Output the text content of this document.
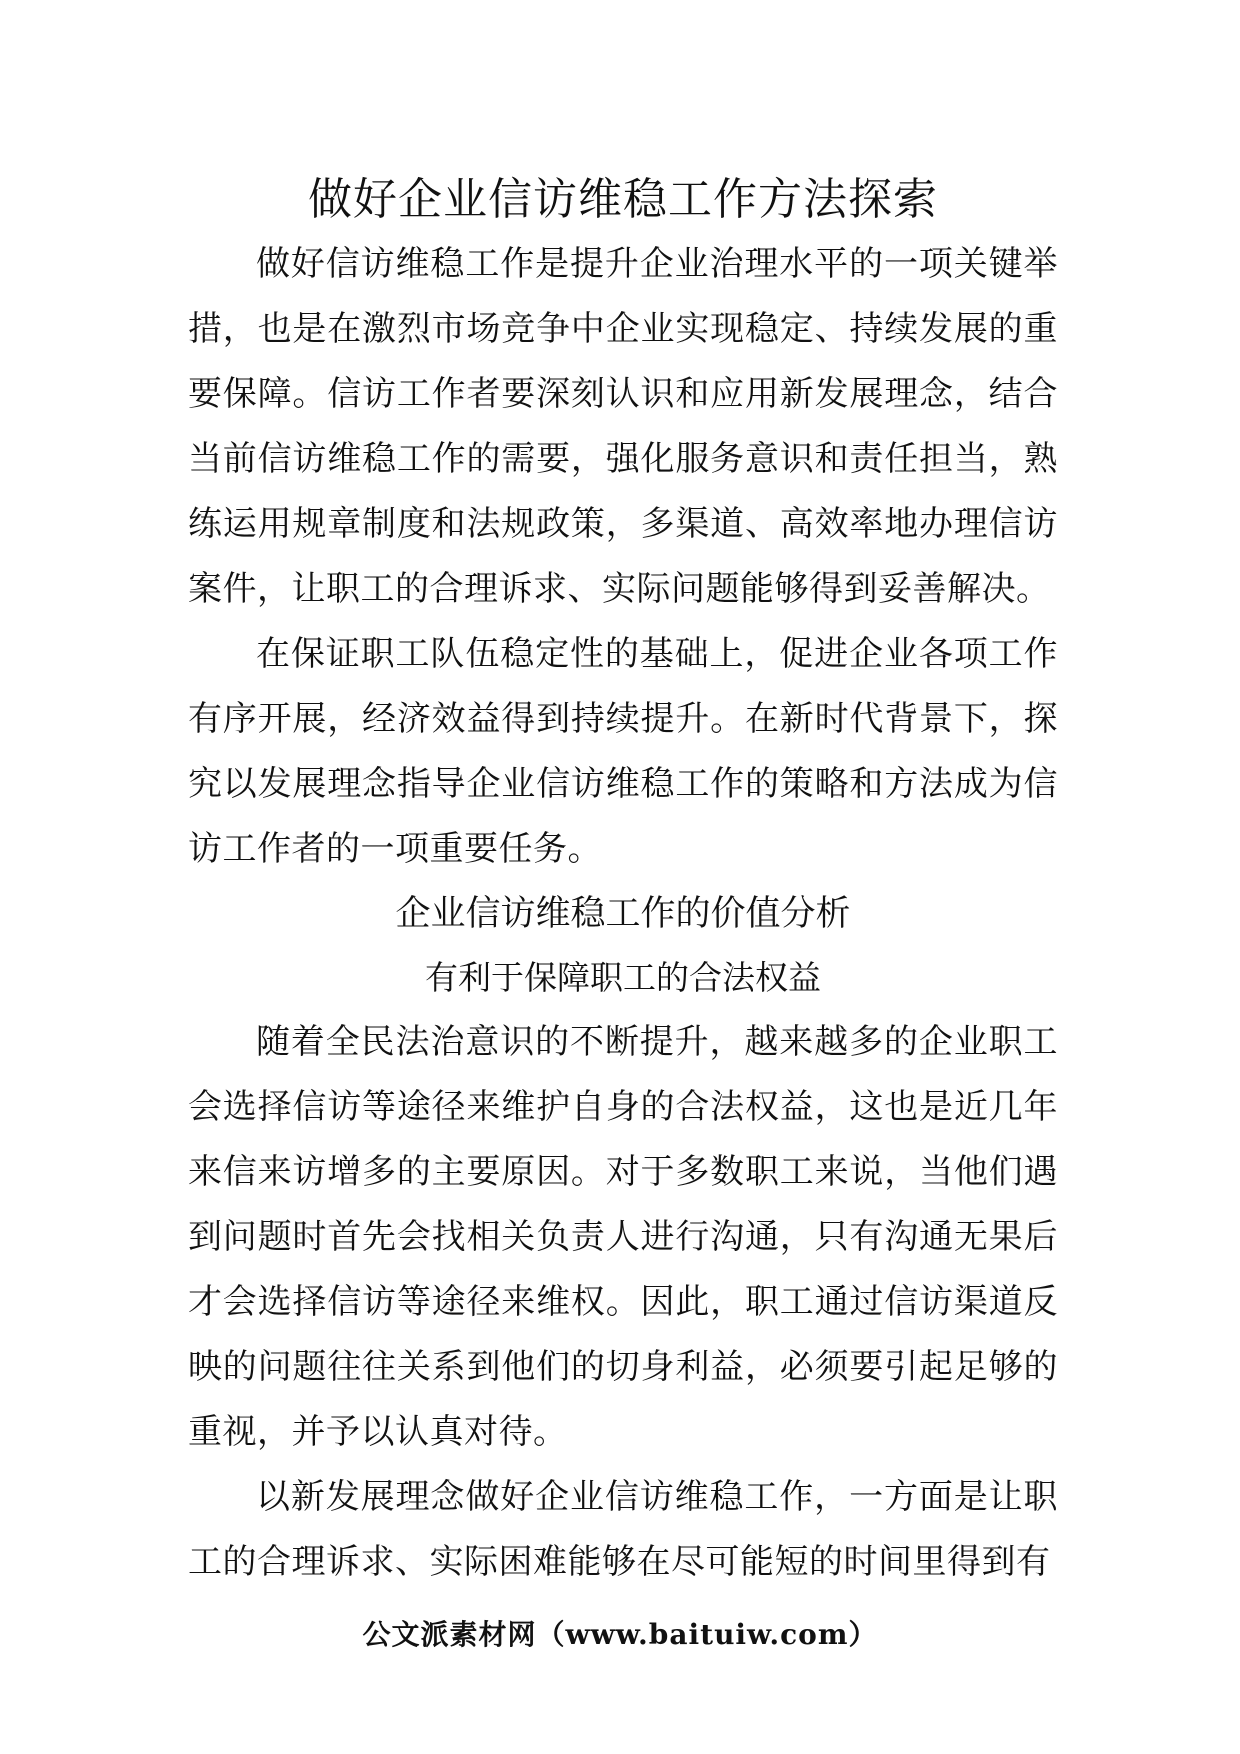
做好企业信访维稳工作方法探索

做好信访维稳工作是提升企业治理水平的一项关键举措，也是在激烈市场竞争中企业实现稳定、持续发展的重要保障。信访工作者要深刻认识和应用新发展理念，结合当前信访维稳工作的需要，强化服务意识和责任担当，熟练运用规章制度和法规政策，多渠道、高效率地办理信访案件，让职工的合理诉求、实际问题能够得到妥善解决。

在保证职工队伍稳定性的基础上，促进企业各项工作有序开展，经济效益得到持续提升。在新时代背景下，探究以发展理念指导企业信访维稳工作的策略和方法成为信访工作者的一项重要任务。

企业信访维稳工作的价值分析
有利于保障职工的合法权益

随着全民法治意识的不断提升，越来越多的企业职工会选择信访等途径来维护自身的合法权益，这也是近几年来信来访增多的主要原因。对于多数职工来说，当他们遇到问题时首先会找相关负责人进行沟通，只有沟通无果后才会选择信访等途径来维权。因此，职工通过信访渠道反映的问题往往关系到他们的切身利益，必须要引起足够的重视，并予以认真对待。

以新发展理念做好企业信访维稳工作，一方面是让职工的合理诉求、实际困难能够在尽可能短的时间里得到有

公文派素材网（www.baituiw.com）
